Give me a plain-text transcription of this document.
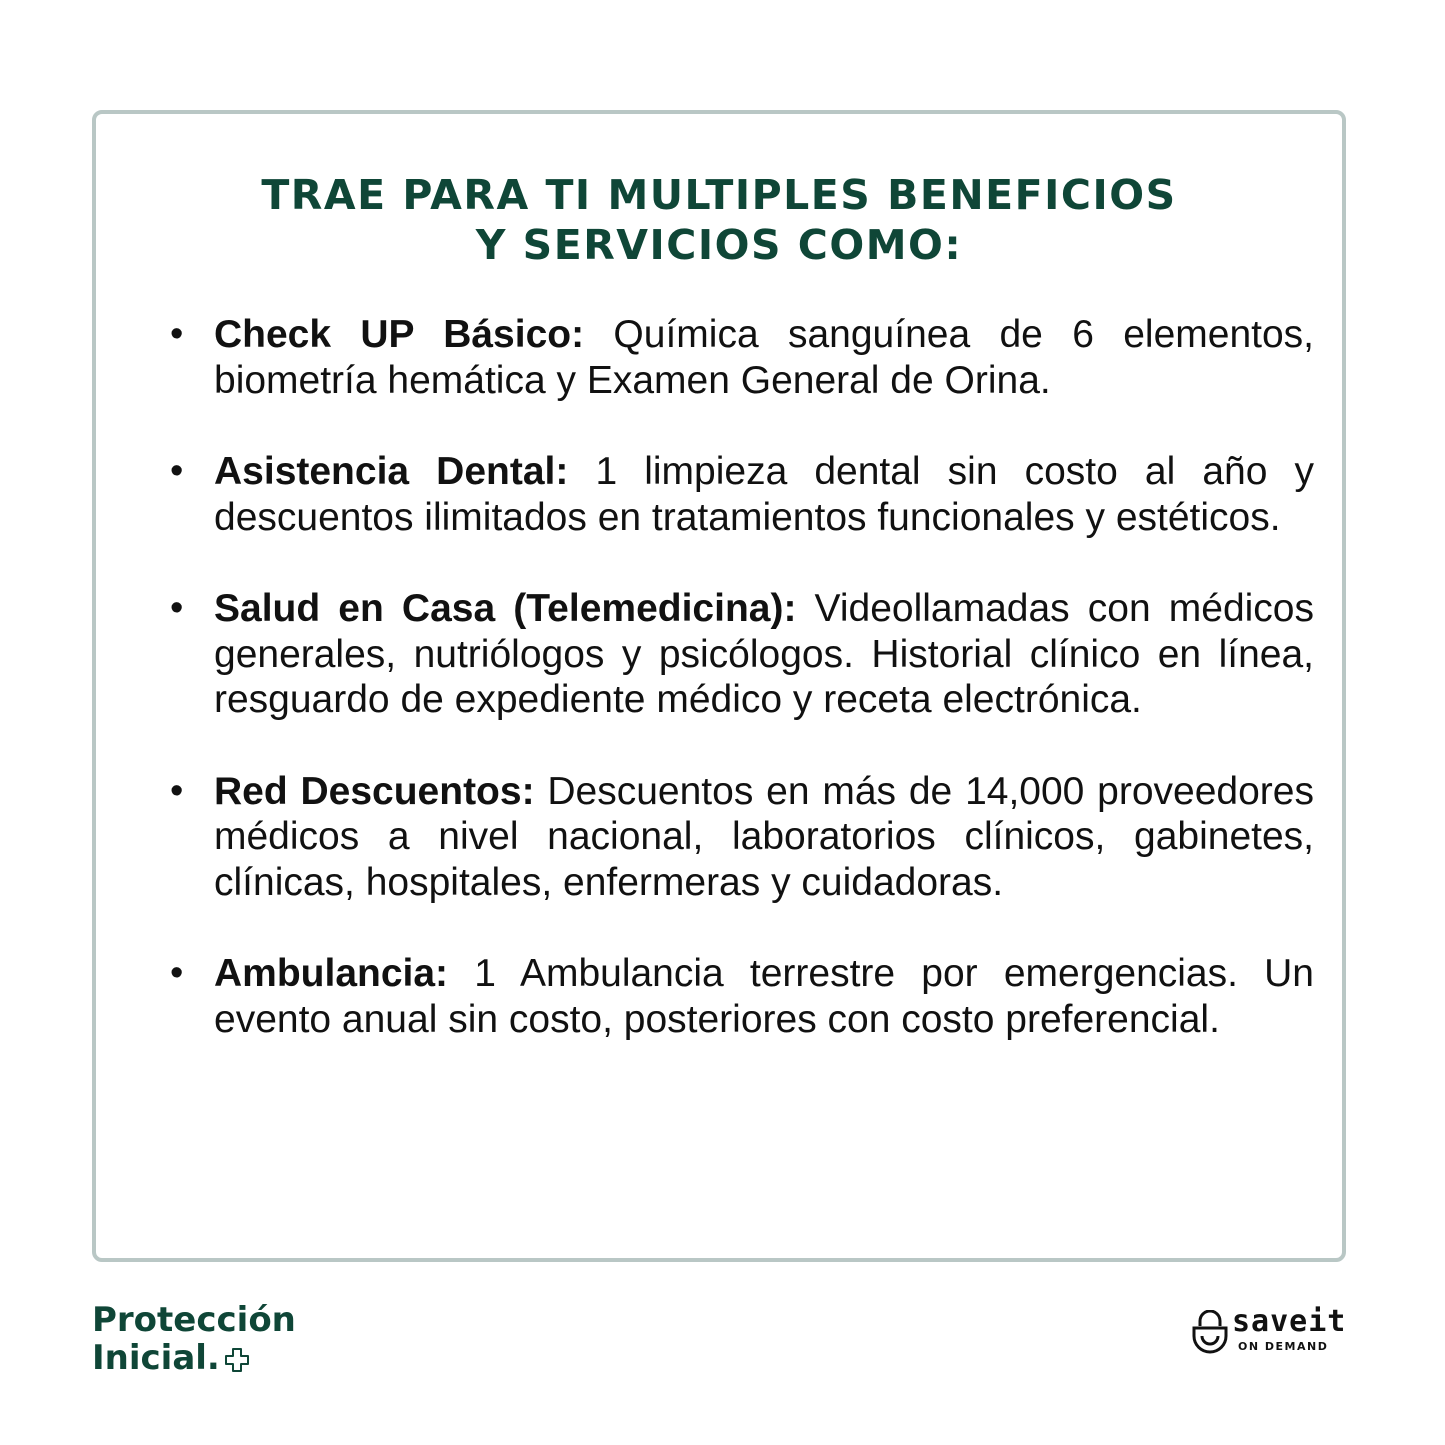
TRAE PARA TI MULTIPLES BENEFICIOS
Y SERVICIOS COMO:
• Check UP Básico: Química sanguínea de 6 elementos, biometría hemática y Examen General de Orina.
• Asistencia Dental: 1 limpieza dental sin costo al año y descuentos ilimitados en tratamientos funcionales y estéticos.
• Salud en Casa (Telemedicina): Videollamadas con médicos generales, nutriólogos y psicólogos. Historial clínico en línea, resguardo de expediente médico y receta electrónica.
• Red Descuentos: Descuentos en más de 14,000 proveedores médicos a nivel nacional, laboratorios clínicos, gabinetes, clínicas, hospitales, enfermeras y cuidadoras.
• Ambulancia: 1 Ambulancia terrestre por emergencias. Un evento anual sin costo, posteriores con costo preferencial.
Protección
Inicial.
saveit
ON DEMAND
